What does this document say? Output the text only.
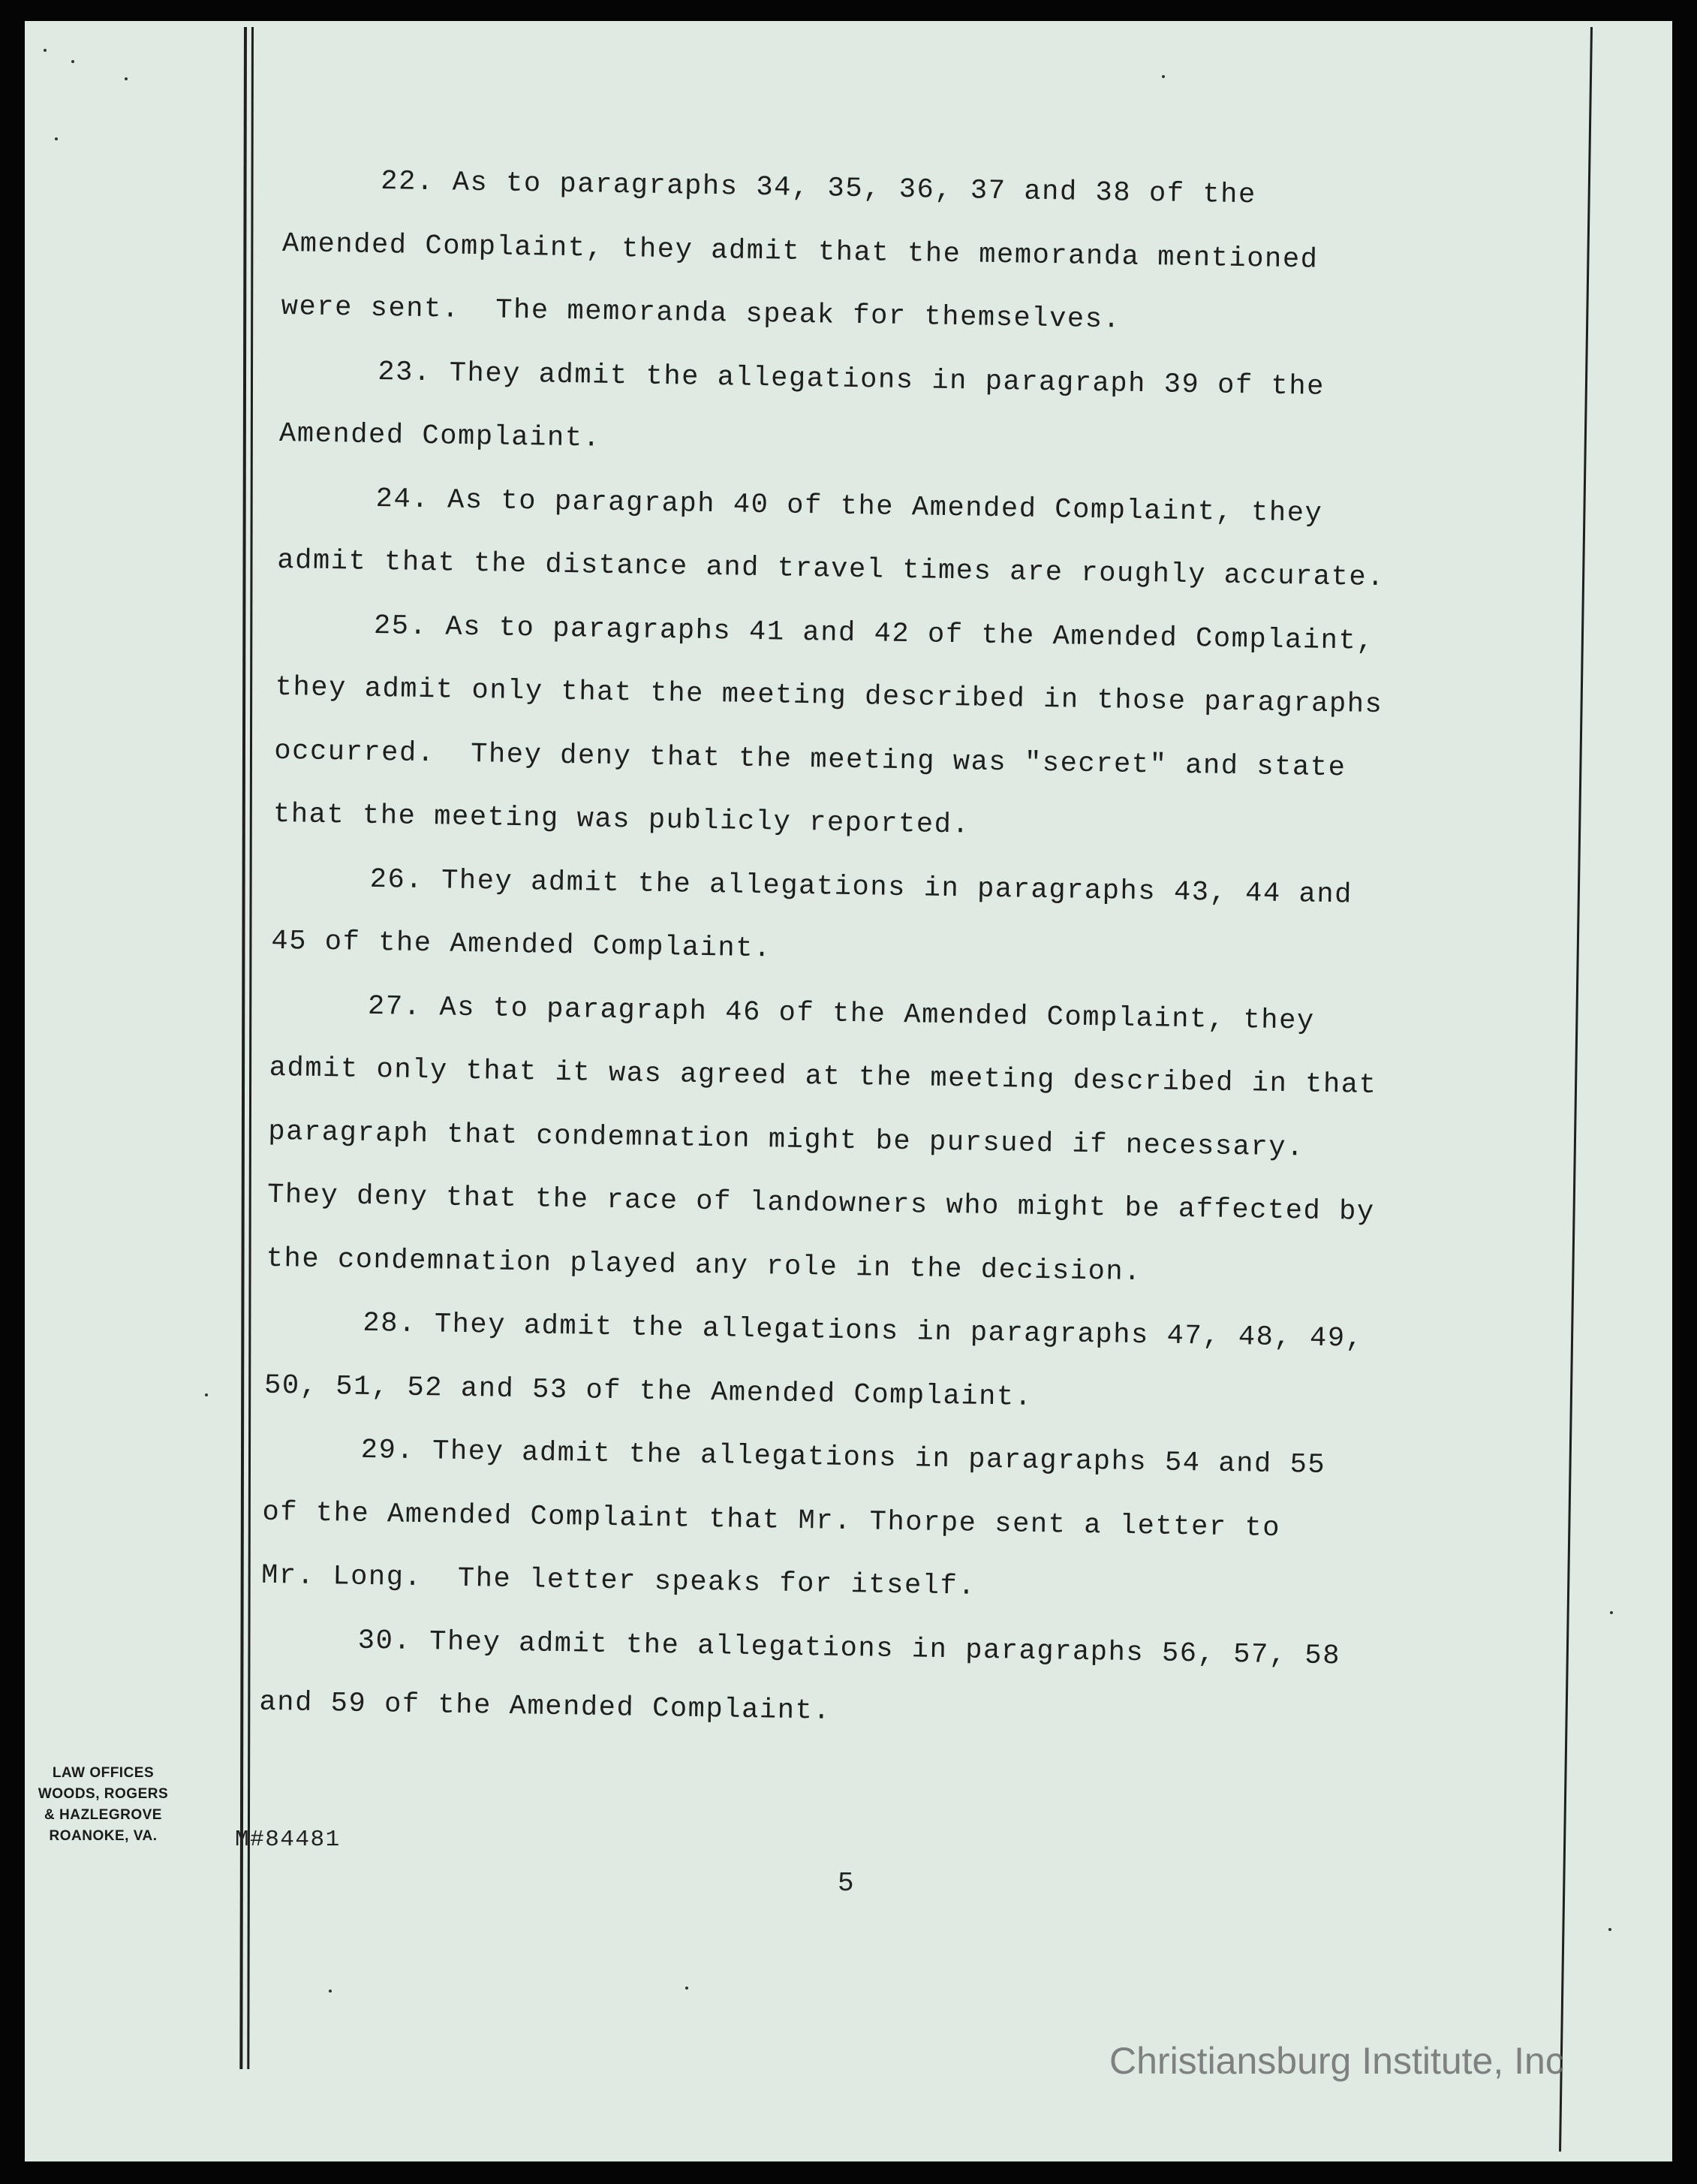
22. As to paragraphs 34, 35, 36, 37 and 38 of the
Amended Complaint, they admit that the memoranda mentioned
were sent.  The memoranda speak for themselves.
23. They admit the allegations in paragraph 39 of the
Amended Complaint.
24. As to paragraph 40 of the Amended Complaint, they
admit that the distance and travel times are roughly accurate.
25. As to paragraphs 41 and 42 of the Amended Complaint,
they admit only that the meeting described in those paragraphs
occurred.  They deny that the meeting was "secret" and state
that the meeting was publicly reported.
26. They admit the allegations in paragraphs 43, 44 and
45 of the Amended Complaint.
27. As to paragraph 46 of the Amended Complaint, they
admit only that it was agreed at the meeting described in that
paragraph that condemnation might be pursued if necessary.
They deny that the race of landowners who might be affected by
the condemnation played any role in the decision.
28. They admit the allegations in paragraphs 47, 48, 49,
50, 51, 52 and 53 of the Amended Complaint.
29. They admit the allegations in paragraphs 54 and 55
of the Amended Complaint that Mr. Thorpe sent a letter to
Mr. Long.  The letter speaks for itself.
30. They admit the allegations in paragraphs 56, 57, 58
and 59 of the Amended Complaint.
LAW OFFICES
WOODS, ROGERS
& HAZLEGROVE
ROANOKE, VA.	M#84481
5
Christiansburg Institute, Inc
